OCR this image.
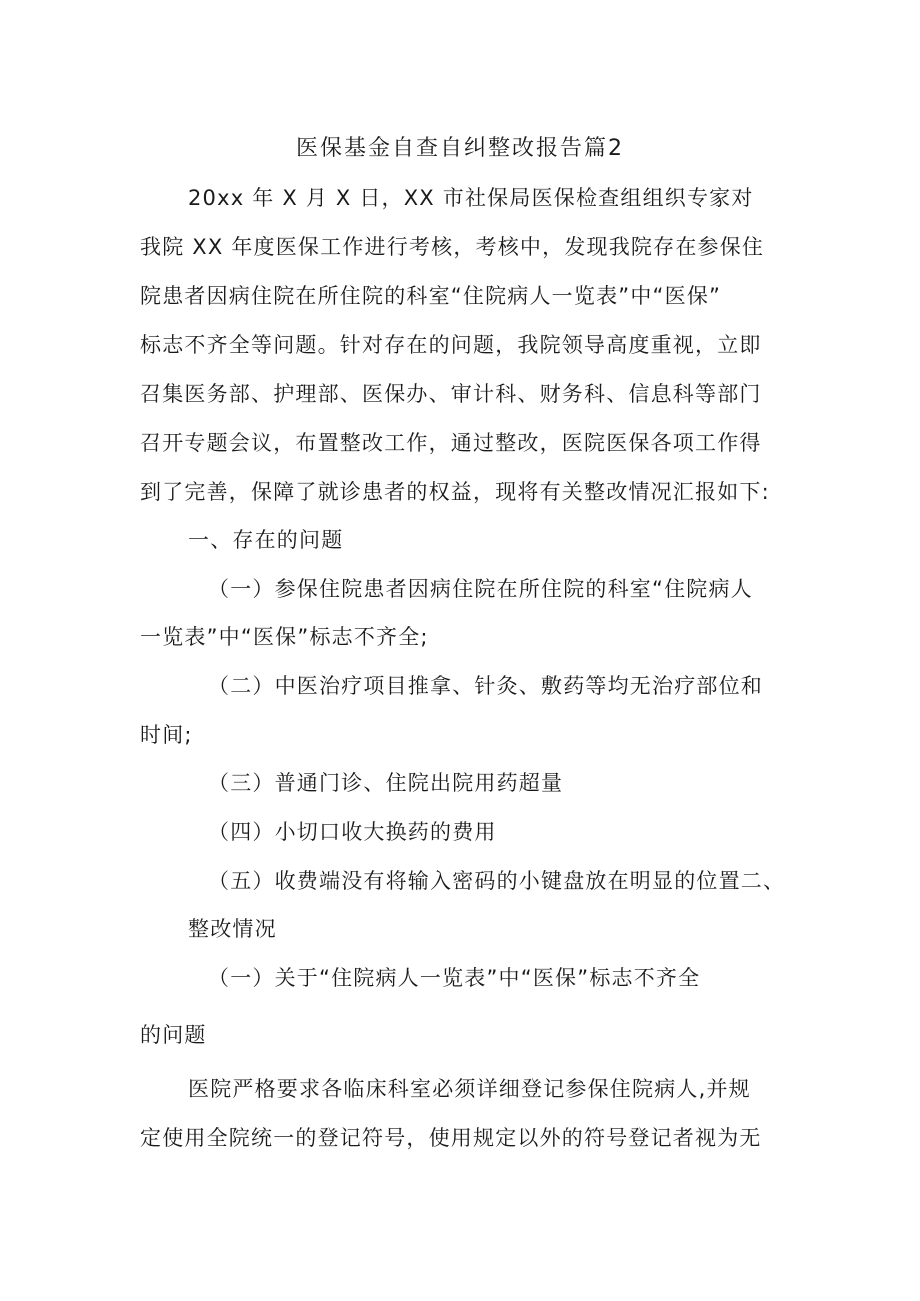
医保基金自查自纠整改报告篇2
20xx 年 X 月 X 日，XX 市社保局医保检查组组织专家对
我院 XX 年度医保工作进行考核，考核中，发现我院存在参保住
院患者因病住院在所住院的科室“住院病人一览表”中“医保”
标志不齐全等问题。针对存在的问题，我院领导高度重视，立即
召集医务部、护理部、医保办、审计科、财务科、信息科等部门
召开专题会议，布置整改工作，通过整改，医院医保各项工作得
到了完善，保障了就诊患者的权益，现将有关整改情况汇报如下:
一、存在的问题
（一）参保住院患者因病住院在所住院的科室“住院病人
一览表”中“医保”标志不齐全;
（二）中医治疗项目推拿、针灸、敷药等均无治疗部位和
时间;
（三）普通门诊、住院出院用药超量
（四）小切口收大换药的费用
（五）收费端没有将输入密码的小键盘放在明显的位置二、
整改情况
（一）关于“住院病人一览表”中“医保”标志不齐全
的问题
医院严格要求各临床科室必须详细登记参保住院病人,并规
定使用全院统一的登记符号，使用规定以外的符号登记者视为无
